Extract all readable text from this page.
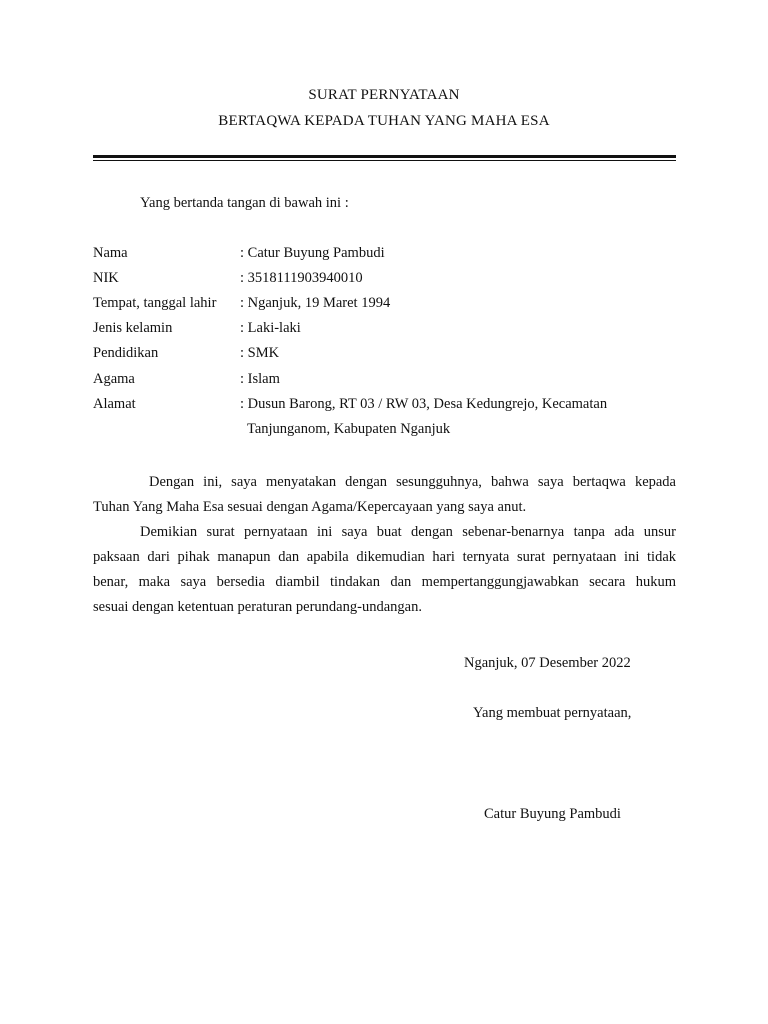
SURAT PERNYATAAN
BERTAQWA KEPADA TUHAN YANG MAHA ESA
Yang bertanda tangan di bawah ini :
Nama	: Catur Buyung Pambudi
NIK	: 3518111903940010
Tempat, tanggal lahir : Nganjuk, 19 Maret 1994
Jenis kelamin	: Laki-laki
Pendidikan	: SMK
Agama	: Islam
Alamat	: Dusun Barong, RT 03 / RW 03, Desa Kedungrejo, Kecamatan
Tanjunganom, Kabupaten Nganjuk

Dengan ini, saya menyatakan dengan sesungguhnya, bahwa saya bertaqwa kepada
Tuhan Yang Maha Esa sesuai dengan Agama/Kepercayaan yang saya anut.

Demikian surat pernyataan ini saya buat dengan sebenar-benarnya tanpa ada unsur
paksaan dari pihak manapun dan apabila dikemudian hari ternyata surat pernyataan ini tidak
benar, maka saya bersedia diambil tindakan dan mempertanggungjawabkan secara hukum
sesuai dengan ketentuan peraturan perundang-undangan.

Nganjuk, 07 Desember 2022
Yang membuat pernyataan,
Catur Buyung Pambudi
